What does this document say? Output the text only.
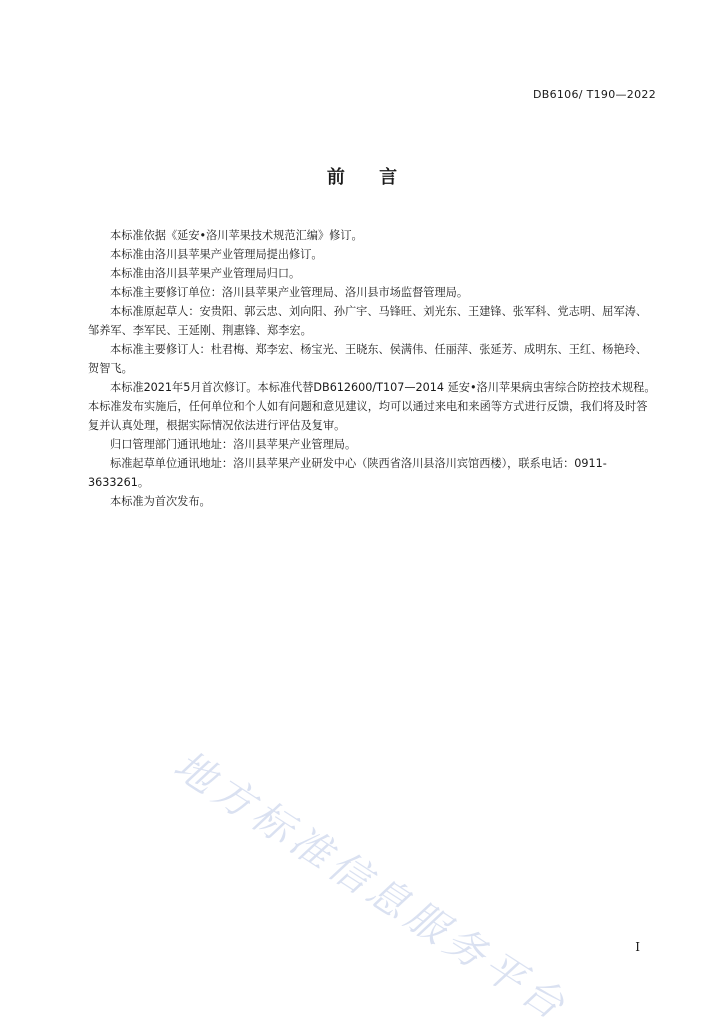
DB6106/ T190—2022
前 言

本标准依据《延安•洛川苹果技术规范汇编》修订。

本标准由洛川县苹果产业管理局提出修订。

本标准由洛川县苹果产业管理局归口。

本标准主要修订单位：洛川县苹果产业管理局、洛川县市场监督管理局。

本标准原起草人：安贵阳、郭云忠、刘向阳、孙广宇、马锋旺、刘光东、王建锋、张军科、党志明、屈军涛、邹养军、李军民、王延刚、荆惠锋、郑李宏。

本标准主要修订人：杜君梅、郑李宏、杨宝光、王晓东、侯满伟、任丽萍、张延芳、成明东、王红、杨艳玲、贺智飞。

本标准2021年5月首次修订。本标准代替DB612600/T107—2014 延安•洛川苹果病虫害综合防控技术规程。本标准发布实施后，任何单位和个人如有问题和意见建议，均可以通过来电和来函等方式进行反馈，我们将及时答复并认真处理，根据实际情况依法进行评估及复审。

归口管理部门通讯地址：洛川县苹果产业管理局。

标准起草单位通讯地址：洛川县苹果产业研发中心（陕西省洛川县洛川宾馆西楼），联系电话：0911-3633261。

本标准为首次发布。

地方标准信息服务平台	I
